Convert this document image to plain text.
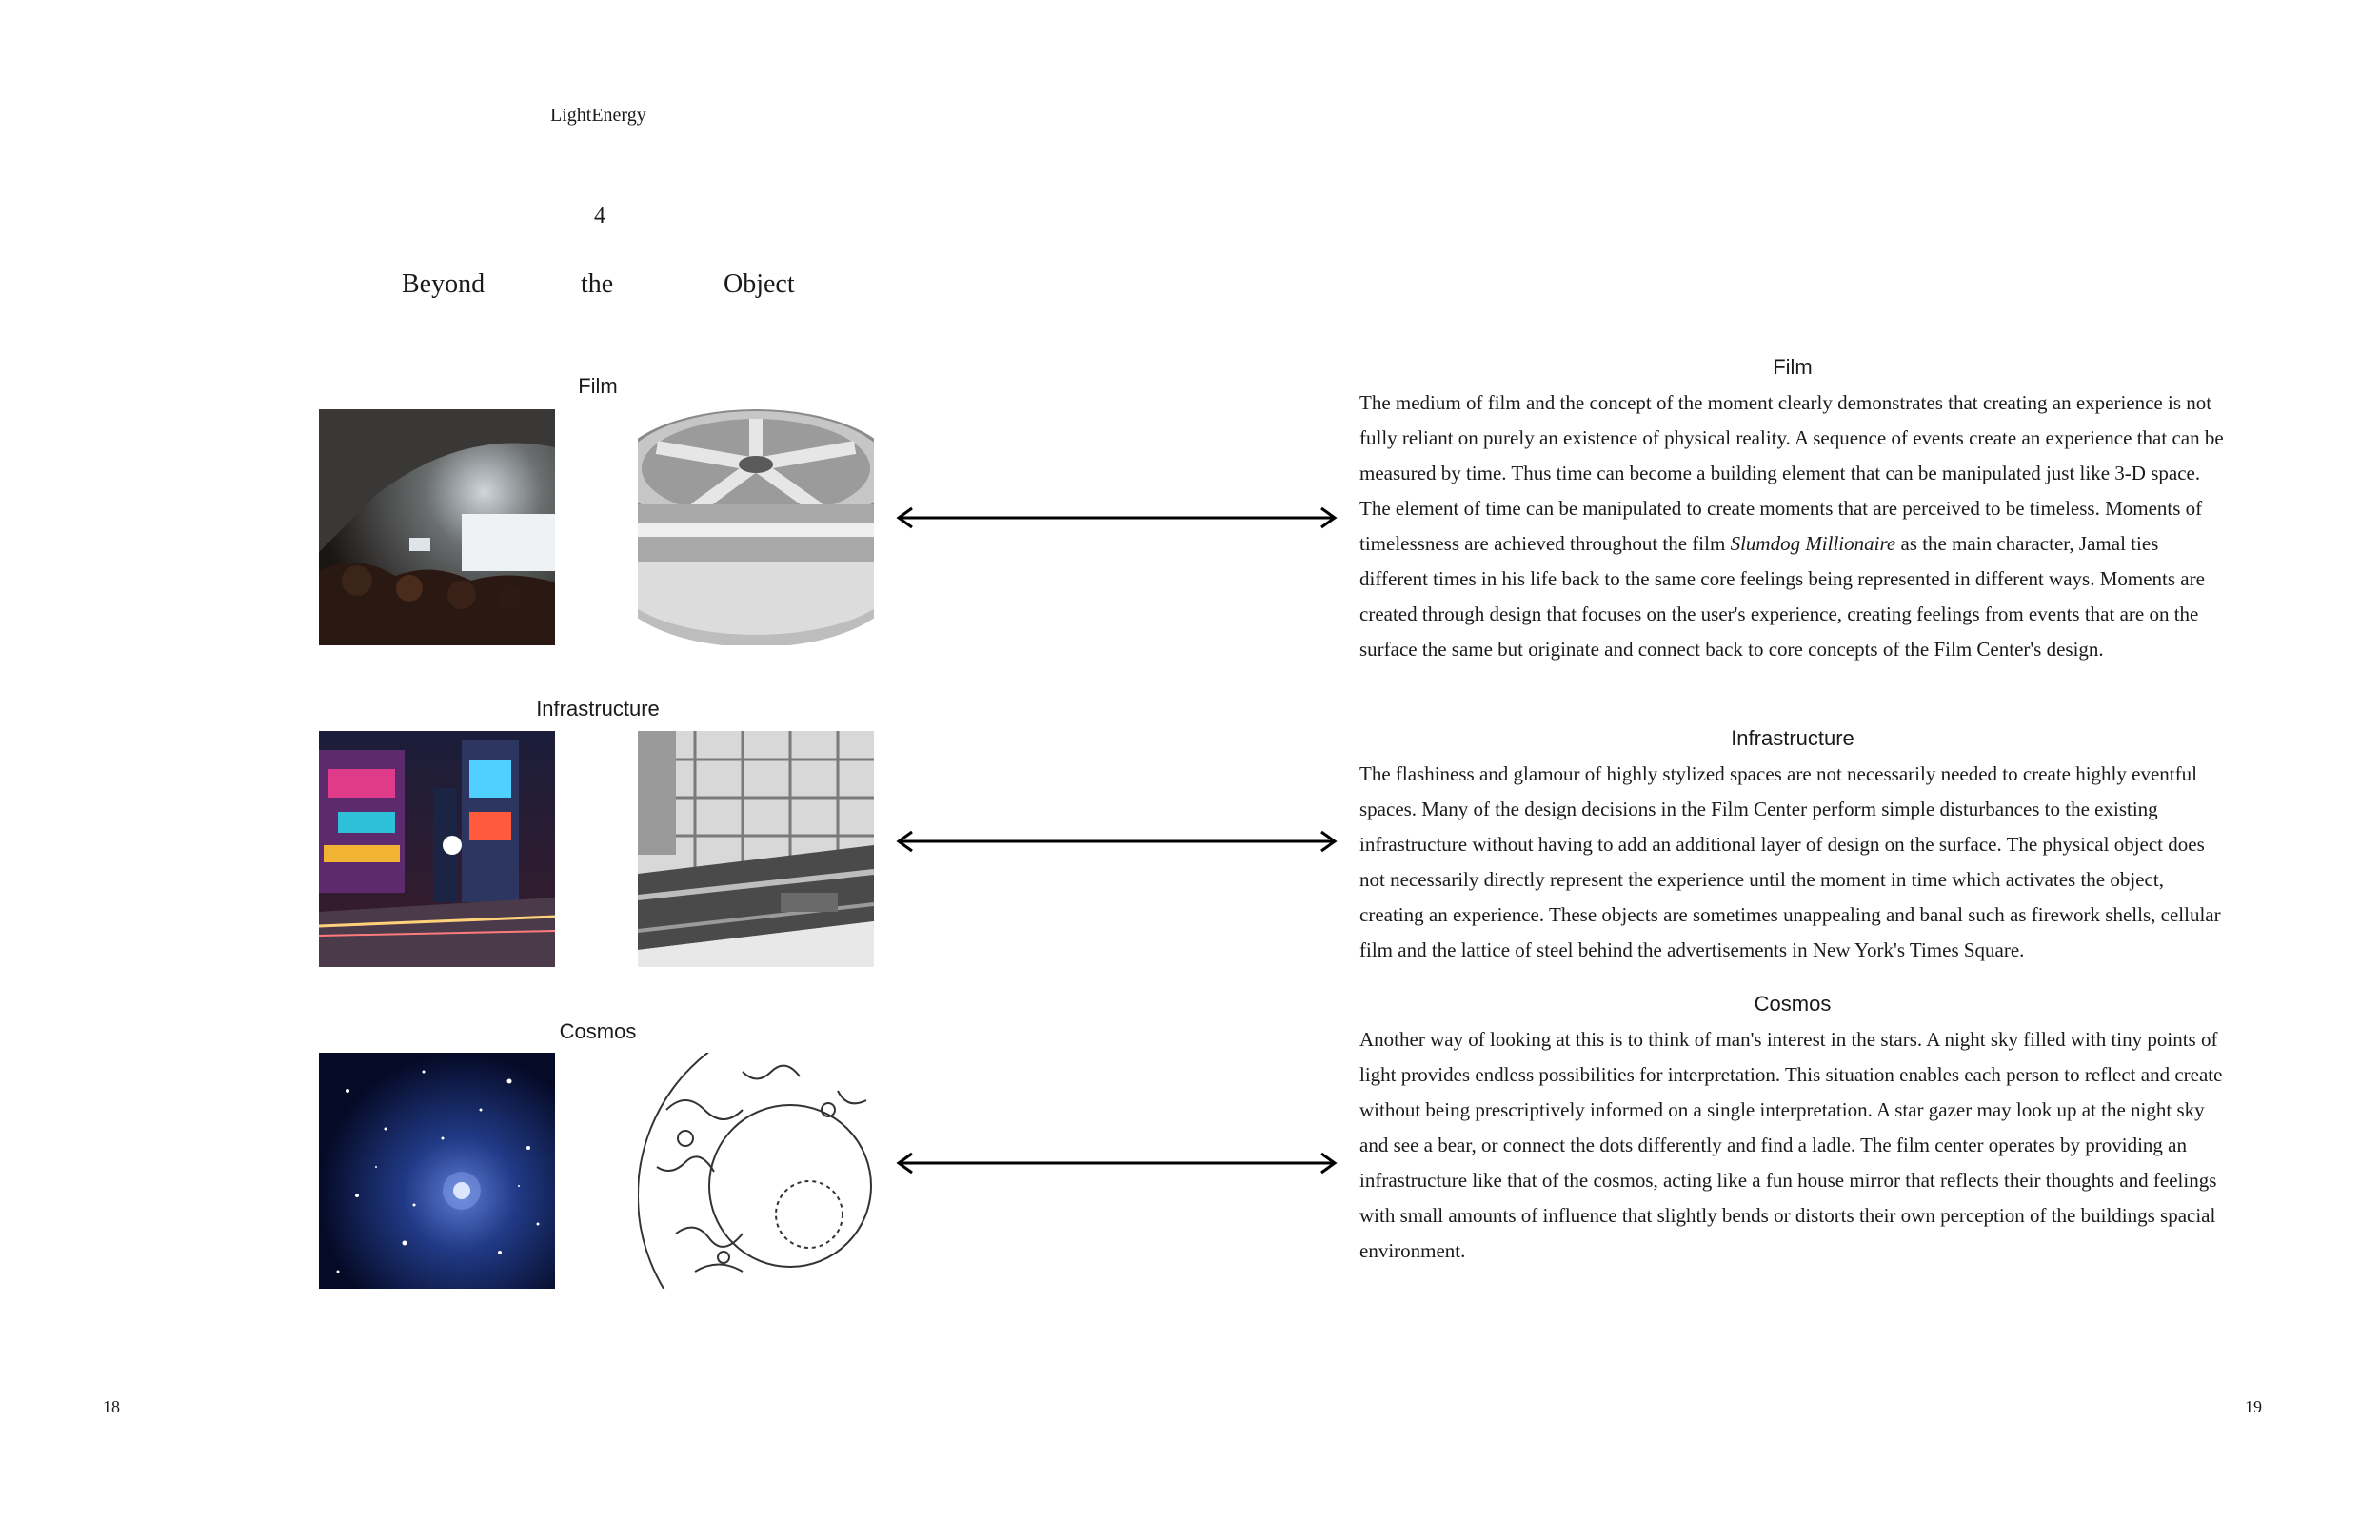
LightEnergy
4
Beyond	the	Object
Film
Infrastructure
Cosmos
Film
The medium of film and the concept of the moment clearly demonstrates that creating an experience is not fully reliant on purely an existence of physical reality. A sequence of events create an experience that can be measured by time. Thus time can become a building element that can be manipulated just like 3-D space. The element of time can be manipulated to create moments that are perceived to be timeless. Moments of timelessness are achieved throughout the film Slumdog Millionaire as the main character, Jamal ties different times in his life back to the same core feelings being represented in different ways. Moments are created through design that focuses on the user's experience, creating feelings from events that are on the surface the same but originate and connect back to core concepts of the Film Center's design.
Infrastructure
The flashiness and glamour of highly stylized spaces are not necessarily needed to create highly eventful spaces. Many of the design decisions in the Film Center perform simple disturbances to the existing infrastructure without having to add an additional layer of design on the surface. The physical object does not necessarily directly represent the experience until the moment in time which activates the object, creating an experience. These objects are sometimes unappealing and banal such as firework shells, cellular film and the lattice of steel behind the advertisements in New York's Times Square.
Cosmos
Another way of looking at this is to think of man's interest in the stars. A night sky filled with tiny points of light provides endless possibilities for interpretation. This situation enables each person to reflect and create without being prescriptively informed on a single interpretation. A star gazer may look up at the night sky and see a bear, or connect the dots differently and find a ladle. The film center operates by providing an infrastructure like that of the cosmos, acting like a fun house mirror that reflects their thoughts and feelings with small amounts of influence that slightly bends or distorts their own perception of the buildings spacial environment.
18	19
